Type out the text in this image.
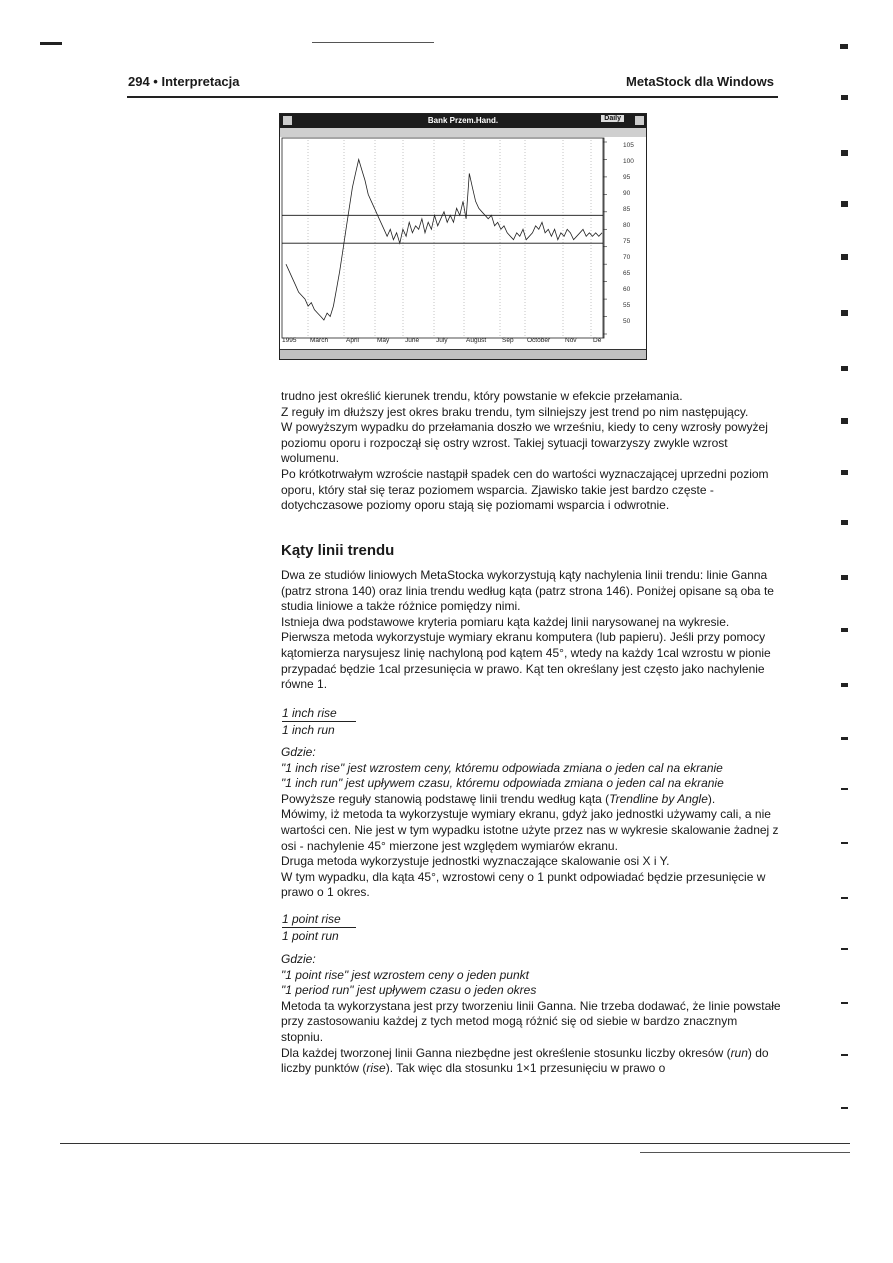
294 • Interpretacja	MetaStock dla Windows
Bank Przem.Hand.	Daily
1995 March	April	May June	July	August Sep October Nov	De
105
100
95
90
85
80
75
70
65
60
55
50

trudno jest określić kierunek trendu, który powstanie w efekcie przełamania.

Z reguły im dłuższy jest okres braku trendu, tym silniejszy jest trend po nim następujący.

W powyższym wypadku do przełamania doszło we wrześniu, kiedy to ceny wzrosły powyżej poziomu oporu i rozpoczął się ostry wzrost. Takiej sytuacji towarzyszy zwykle wzrost wolumenu.

Po krótkotrwałym wzroście nastąpił spadek cen do wartości wyznaczającej uprzedni poziom oporu, który stał się teraz poziomem wsparcia. Zjawisko takie jest bardzo częste - dotychczasowe poziomy oporu stają się poziomami wsparcia i odwrotnie.

Kąty linii trendu

Dwa ze studiów liniowych MetaStocka wykorzystują kąty nachylenia linii trendu: linie Ganna (patrz strona 140) oraz linia trendu według kąta (patrz strona 146). Poniżej opisane są oba te studia liniowe a także różnice pomiędzy nimi.

Istnieja dwa podstawowe kryteria pomiaru kąta każdej linii narysowanej na wykresie. Pierwsza metoda wykorzystuje wymiary ekranu komputera (lub papieru). Jeśli przy pomocy kątomierza narysujesz linię nachyloną pod kątem 45°, wtedy na każdy 1cal wzrostu w pionie przypadać będzie 1cal przesunięcia w prawo. Kąt ten określany jest często jako nachylenie równe 1.

1 inch rise
1 inch run

Gdzie:

"1 inch rise" jest wzrostem ceny, któremu odpowiada zmiana o jeden cal na ekranie

"1 inch run" jest upływem czasu, któremu odpowiada zmiana o jeden cal na ekranie

Powyższe reguły stanowią podstawę linii trendu według kąta (Trendline by Angle).

Mówimy, iż metoda ta wykorzystuje wymiary ekranu, gdyż jako jednostki używamy cali, a nie wartości cen. Nie jest w tym wypadku istotne użyte przez nas w wykresie skalowanie żadnej z osi - nachylenie 45° mierzone jest względem wymiarów ekranu.

Druga metoda wykorzystuje jednostki wyznaczające skalowanie osi X i Y.

W tym wypadku, dla kąta 45°, wzrostowi ceny o 1 punkt odpowiadać będzie przesunięcie w prawo o 1 okres.

1 point rise
1 point run

Gdzie:

"1 point rise" jest wzrostem ceny o jeden punkt

"1 period run" jest upływem czasu o jeden okres

Metoda ta wykorzystana jest przy tworzeniu linii Ganna. Nie trzeba dodawać, że linie powstałe przy zastosowaniu każdej z tych metod mogą różnić się od siebie w bardzo znacznym stopniu.

Dla każdej tworzonej linii Ganna niezbędne jest określenie stosunku liczby okresów (run) do liczby punktów (rise). Tak więc dla stosunku 1×1 przesunięciu w prawo o
